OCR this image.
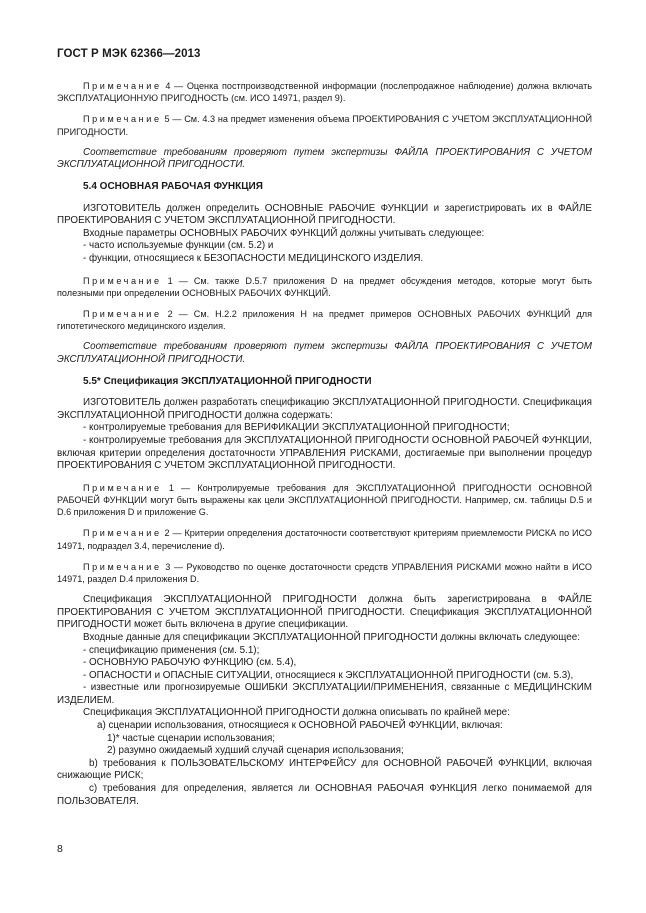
ГОСТ Р МЭК 62366—2013

Примечание 4 — Оценка постпроизводственной информации (послепродажное наблюдение) должна включать ЭКСПЛУАТАЦИОННУЮ ПРИГОДНОСТЬ (см. ИСО 14971, раздел 9).

Примечание 5 — См. 4.3 на предмет изменения объема ПРОЕКТИРОВАНИЯ С УЧЕТОМ ЭКСПЛУАТАЦИОННОЙ ПРИГОДНОСТИ.

Соответствие требованиям проверяют путем экспертизы ФАЙЛА ПРОЕКТИРОВАНИЯ С УЧЕТОМ ЭКСПЛУАТАЦИОННОЙ ПРИГОДНОСТИ.

5.4 ОСНОВНАЯ РАБОЧАЯ ФУНКЦИЯ

ИЗГОТОВИТЕЛЬ должен определить ОСНОВНЫЕ РАБОЧИЕ ФУНКЦИИ и зарегистрировать их в ФАЙЛЕ ПРОЕКТИРОВАНИЯ С УЧЕТОМ ЭКСПЛУАТАЦИОННОЙ ПРИГОДНОСТИ.

Входные параметры ОСНОВНЫХ РАБОЧИХ ФУНКЦИЙ должны учитывать следующее:

- часто используемые функции (см. 5.2) и

- функции, относящиеся к БЕЗОПАСНОСТИ МЕДИЦИНСКОГО ИЗДЕЛИЯ.

Примечание 1 — См. также D.5.7 приложения D на предмет обсуждения методов, которые могут быть полезными при определении ОСНОВНЫХ РАБОЧИХ ФУНКЦИЙ.

Примечание 2 — См. Н.2.2 приложения Н на предмет примеров ОСНОВНЫХ РАБОЧИХ ФУНКЦИЙ для гипотетического медицинского изделия.

Соответствие требованиям проверяют путем экспертизы ФАЙЛА ПРОЕКТИРОВАНИЯ С УЧЕТОМ ЭКСПЛУАТАЦИОННОЙ ПРИГОДНОСТИ.

5.5* Спецификация ЭКСПЛУАТАЦИОННОЙ ПРИГОДНОСТИ

ИЗГОТОВИТЕЛЬ должен разработать спецификацию ЭКСПЛУАТАЦИОННОЙ ПРИГОДНОСТИ. Спецификация ЭКСПЛУАТАЦИОННОЙ ПРИГОДНОСТИ должна содержать:

- контролируемые требования для ВЕРИФИКАЦИИ ЭКСПЛУАТАЦИОННОЙ ПРИГОДНОСТИ;

- контролируемые требования для ЭКСПЛУАТАЦИОННОЙ ПРИГОДНОСТИ ОСНОВНОЙ РАБОЧЕЙ ФУНКЦИИ, включая критерии определения достаточности УПРАВЛЕНИЯ РИСКАМИ, достигаемые при выполнении процедур ПРОЕКТИРОВАНИЯ С УЧЕТОМ ЭКСПЛУАТАЦИОННОЙ ПРИГОДНОСТИ.

Примечание 1 — Контролируемые требования для ЭКСПЛУАТАЦИОННОЙ ПРИГОДНОСТИ ОСНОВНОЙ РАБОЧЕЙ ФУНКЦИИ могут быть выражены как цели ЭКСПЛУАТАЦИОННОЙ ПРИГОДНОСТИ. Например, см. таблицы D.5 и D.6 приложения D и приложение G.

Примечание 2 — Критерии определения достаточности соответствуют критериям приемлемости РИСКА по ИСО 14971, подраздел 3.4, перечисление d).

Примечание 3 — Руководство по оценке достаточности средств УПРАВЛЕНИЯ РИСКАМИ можно найти в ИСО 14971, раздел D.4 приложения D.

Спецификация ЭКСПЛУАТАЦИОННОЙ ПРИГОДНОСТИ должна быть зарегистрирована в ФАЙЛЕ ПРОЕКТИРОВАНИЯ С УЧЕТОМ ЭКСПЛУАТАЦИОННОЙ ПРИГОДНОСТИ. Спецификация ЭКСПЛУАТАЦИОННОЙ ПРИГОДНОСТИ может быть включена в другие спецификации.

Входные данные для спецификации ЭКСПЛУАТАЦИОННОЙ ПРИГОДНОСТИ должны включать следующее:

- спецификацию применения (см. 5.1);

- ОСНОВНУЮ РАБОЧУЮ ФУНКЦИЮ (см. 5.4),

- ОПАСНОСТИ и ОПАСНЫЕ СИТУАЦИИ, относящиеся к ЭКСПЛУАТАЦИОННОЙ ПРИГОДНОСТИ (см. 5.3),

- известные или прогнозируемые ОШИБКИ ЭКСПЛУАТАЦИИ/ПРИМЕНЕНИЯ, связанные с МЕДИЦИНСКИМ ИЗДЕЛИЕМ.

Спецификация ЭКСПЛУАТАЦИОННОЙ ПРИГОДНОСТИ должна описывать по крайней мере:

а) сценарии использования, относящиеся к ОСНОВНОЙ РАБОЧЕЙ ФУНКЦИИ, включая:

1)* частые сценарии использования;

2) разумно ожидаемый худший случай сценария использования;

b) требования к ПОЛЬЗОВАТЕЛЬСКОМУ ИНТЕРФЕЙСУ для ОСНОВНОЙ РАБОЧЕЙ ФУНКЦИИ, включая снижающие РИСК;

c) требования для определения, является ли ОСНОВНАЯ РАБОЧАЯ ФУНКЦИЯ легко понимаемой для ПОЛЬЗОВАТЕЛЯ.

8
